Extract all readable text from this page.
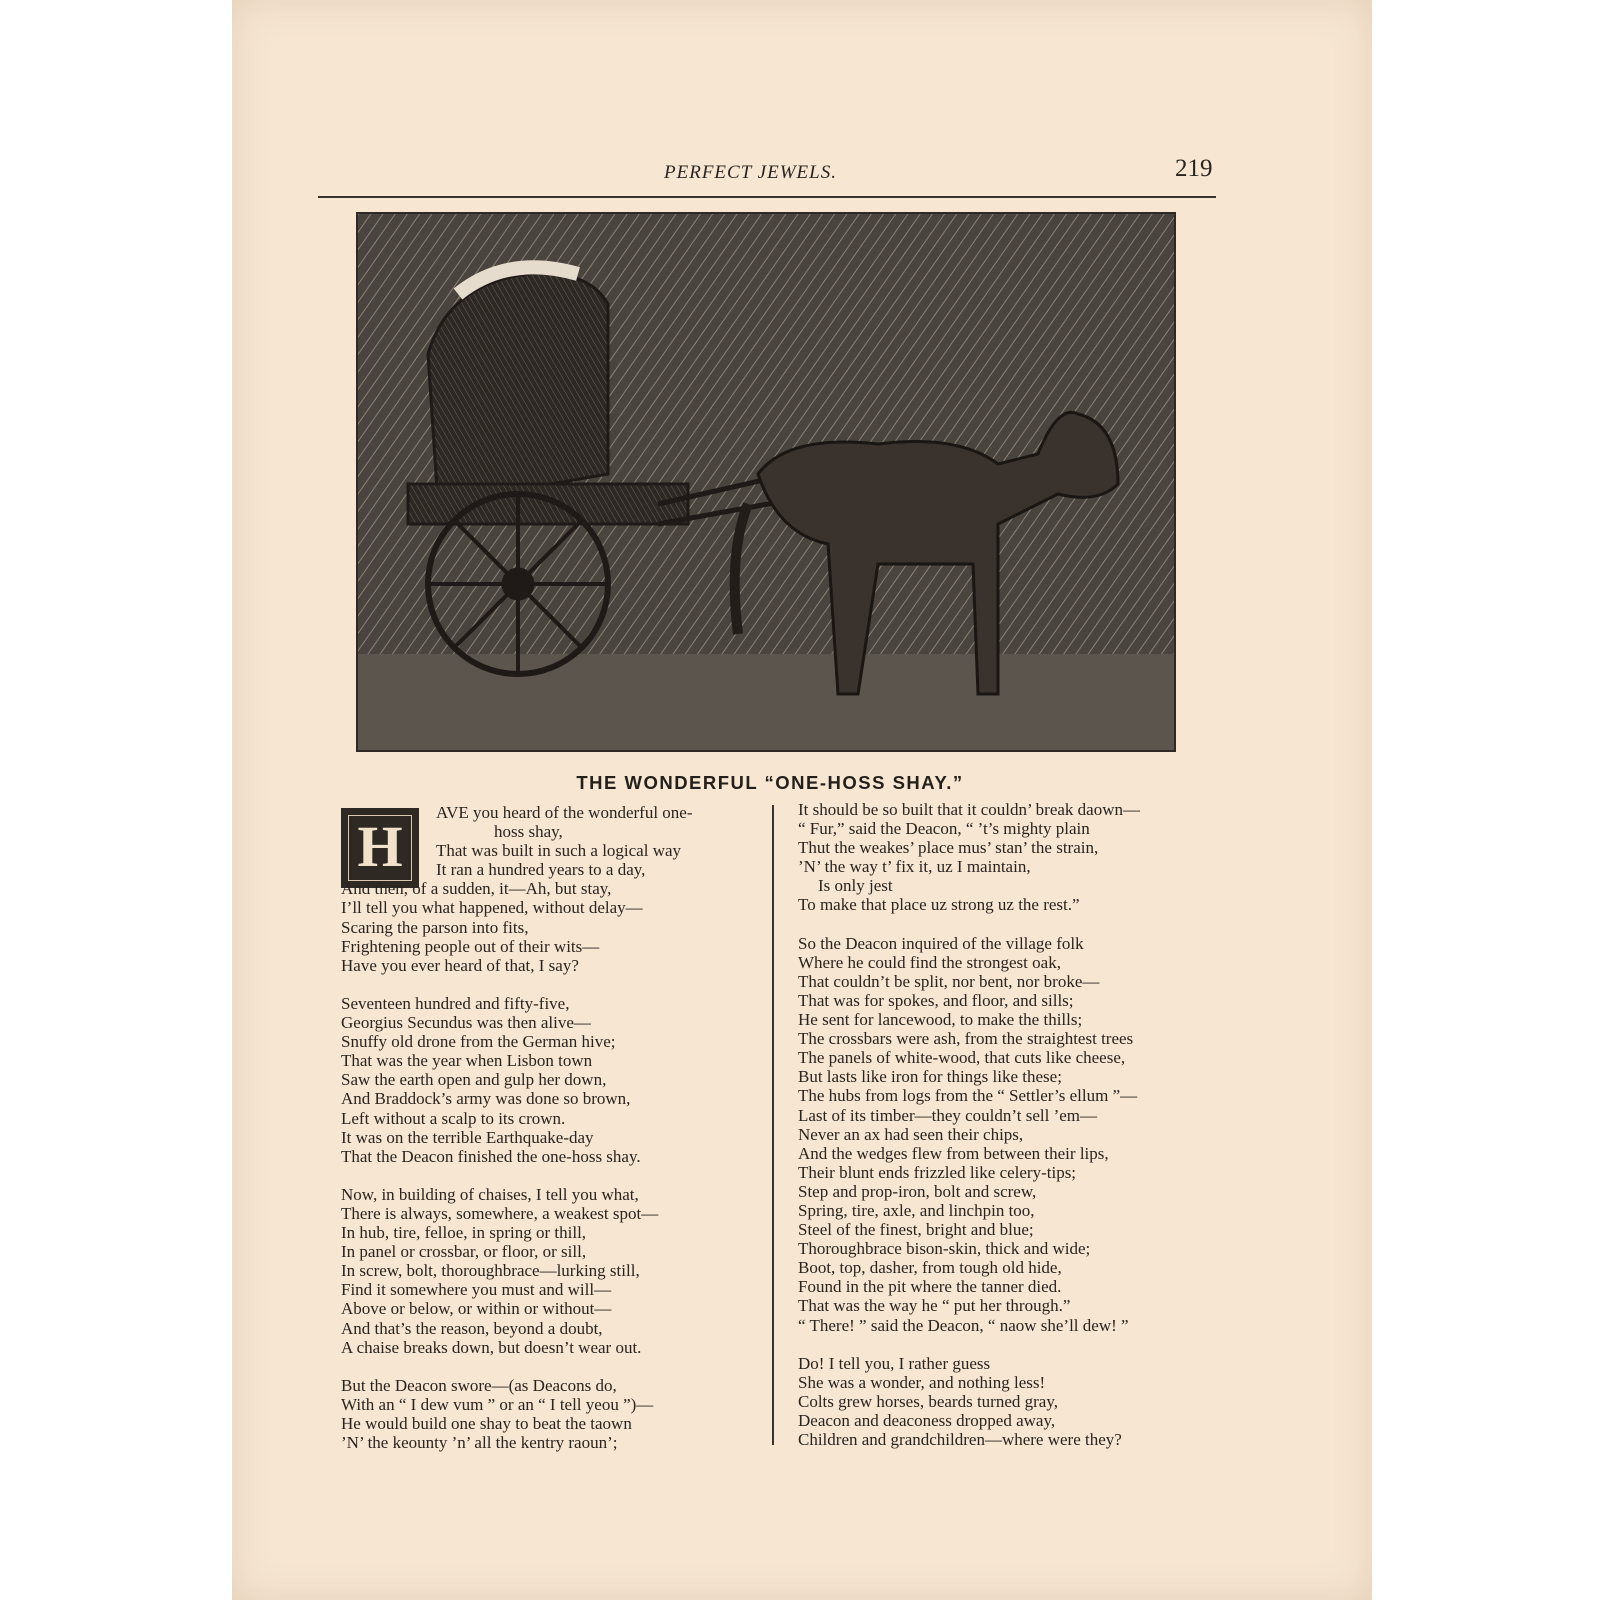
PERFECT JEWELS.	219
THE WONDERFUL “ONE-HOSS SHAY.”
H
AVE you heard of the wonderful one-
hoss shay,
That was built in such a logical way
It ran a hundred years to a day,
And then, of a sudden, it—Ah, but stay,
I’ll tell you what happened, without delay—
Scaring the parson into fits,
Frightening people out of their wits—
Have you ever heard of that, I say?
Seventeen hundred and fifty-five,
Georgius Secundus was then alive—
Snuffy old drone from the German hive;
That was the year when Lisbon town
Saw the earth open and gulp her down,
And Braddock’s army was done so brown,
Left without a scalp to its crown.
It was on the terrible Earthquake-day
That the Deacon finished the one-hoss shay.
Now, in building of chaises, I tell you what,
There is always, somewhere, a weakest spot—
In hub, tire, felloe, in spring or thill,
In panel or crossbar, or floor, or sill,
In screw, bolt, thoroughbrace—lurking still,
Find it somewhere you must and will—
Above or below, or within or without—
And that’s the reason, beyond a doubt,
A chaise breaks down, but doesn’t wear out.
But the Deacon swore—(as Deacons do,
With an “ I dew vum ” or an “ I tell yeou ”)—
He would build one shay to beat the taown
’N’ the keounty ’n’ all the kentry raoun’;
It should be so built that it couldn’ break daown—
“ Fur,” said the Deacon, “ ’t’s mighty plain
Thut the weakes’ place mus’ stan’ the strain,
’N’ the way t’ fix it, uz I maintain,
Is only jest
To make that place uz strong uz the rest.”
So the Deacon inquired of the village folk
Where he could find the strongest oak,
That couldn’t be split, nor bent, nor broke—
That was for spokes, and floor, and sills;
He sent for lancewood, to make the thills;
The crossbars were ash, from the straightest trees
The panels of white-wood, that cuts like cheese,
But lasts like iron for things like these;
The hubs from logs from the “ Settler’s ellum ”—
Last of its timber—they couldn’t sell ’em—
Never an ax had seen their chips,
And the wedges flew from between their lips,
Their blunt ends frizzled like celery-tips;
Step and prop-iron, bolt and screw,
Spring, tire, axle, and linchpin too,
Steel of the finest, bright and blue;
Thoroughbrace bison-skin, thick and wide;
Boot, top, dasher, from tough old hide,
Found in the pit where the tanner died.
That was the way he “ put her through.”
“ There! ” said the Deacon, “ naow she’ll dew! ”
Do! I tell you, I rather guess
She was a wonder, and nothing less!
Colts grew horses, beards turned gray,
Deacon and deaconess dropped away,
Children and grandchildren—where were they?
